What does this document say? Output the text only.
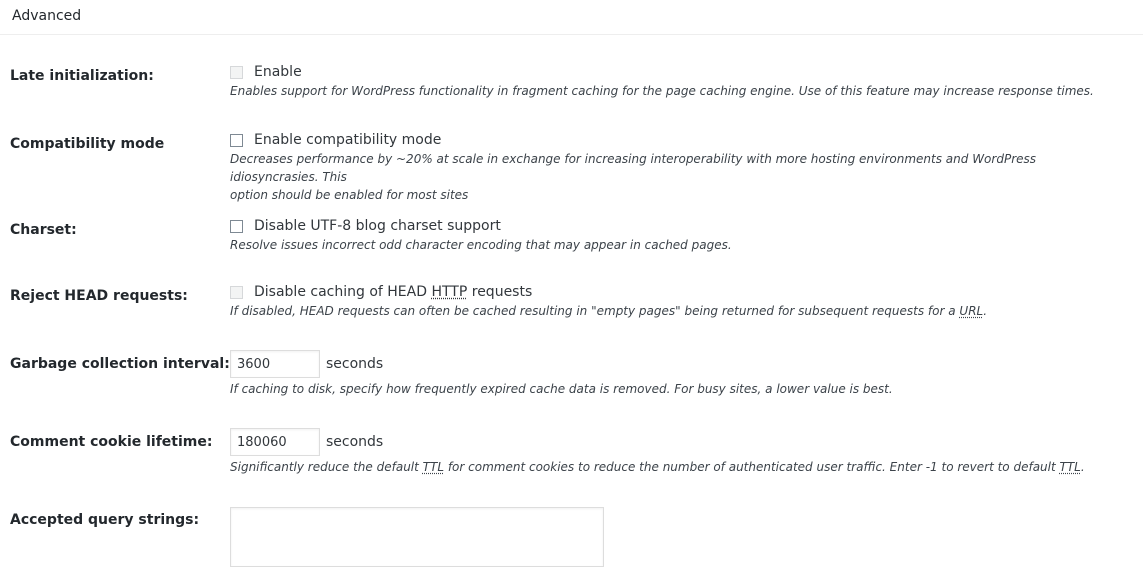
Advanced
Late initialization:	Enable
Enables support for WordPress functionality in fragment caching for the page caching engine. Use of this feature may increase response times.
Compatibility mode	Enable compatibility mode
Decreases performance by ~20% at scale in exchange for increasing interoperability with more hosting environments and WordPress idiosyncrasies. This
option should be enabled for most sites
Charset:	Disable UTF-8 blog charset support
Resolve issues incorrect odd character encoding that may appear in cached pages.
Reject HEAD requests:	Disable caching of HEAD HTTP requests
If disabled, HEAD requests can often be cached resulting in "empty pages" being returned for subsequent requests for a URL.
Garbage collection interval:
3600	seconds
If caching to disk, specify how frequently expired cache data is removed. For busy sites, a lower value is best.
Comment cookie lifetime:
180060	seconds
Significantly reduce the default TTL for comment cookies to reduce the number of authenticated user traffic. Enter -1 to revert to default TTL.
Accepted query strings:
